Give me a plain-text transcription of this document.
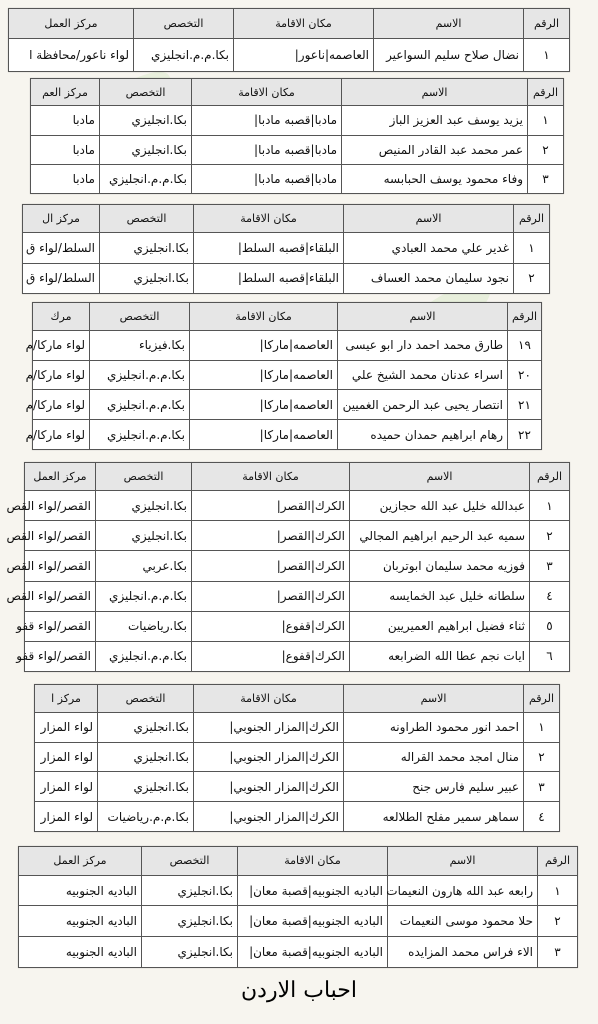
الرقم	الاسم	مكان الاقامة	التخصص	مركز العمل
١	نضال صلاح سليم السواعير	العاصمه|ناعور|	بكا.م.م.انجليزي	لواء ناعور/محافظة ا
الرقم	الاسم	مكان الاقامة	التخصص	مركز العم
١	يزيد يوسف عبد العزيز الباز	مادبا|قصبه مادبا|	بكا.انجليزي	مادبا
٢	عمر محمد عبد القادر المنيص	مادبا|قصبه مادبا|	بكا.انجليزي	مادبا
٣	وفاء محمود يوسف الحبابسه	مادبا|قصبه مادبا|	بكا.م.م.انجليزي	مادبا
الرقم	الاسم	مكان الاقامة	التخصص	مركز ال
١	غدير علي محمد العبادي	البلقاء|قصبه السلط|	بكا.انجليزي	السلط/لواء ق
٢	نجود سليمان محمد العساف	البلقاء|قصبه السلط|	بكا.انجليزي	السلط/لواء ق
الرقم	الاسم	مكان الاقامة	التخصص	مرك
١٩	طارق محمد احمد دار ابو عيسى	العاصمه|ماركا|	بكا.فيزياء	لواء ماركا/م
٢٠	اسراء عدنان محمد الشيخ علي	العاصمه|ماركا|	بكا.م.م.انجليزي	لواء ماركا/م
٢١	انتصار يحيى عبد الرحمن الغميين	العاصمه|ماركا|	بكا.م.م.انجليزي	لواء ماركا/م
٢٢	رهام ابراهيم حمدان حميده	العاصمه|ماركا|	بكا.م.م.انجليزي	لواء ماركا/م
الرقم	الاسم	مكان الاقامة	التخصص	مركز العمل
١	عبدالله خليل عبد الله حجازين	الكرك|القصر|	بكا.انجليزي	القصر/لواء القص
٢	سميه عبد الرحيم ابراهيم المجالي	الكرك|القصر|	بكا.انجليزي	القصر/لواء القص
٣	فوزيه محمد سليمان ابوتربان	الكرك|القصر|	بكا.عربي	القصر/لواء القص
٤	سلطانه خليل عبد الخمايسه	الكرك|القصر|	بكا.م.م.انجليزي	القصر/لواء القص
٥	ثناء فضيل ابراهيم العميريين	الكرك|قفوع|	بكا.رياضيات	القصر/لواء قفو
٦	ايات نجم عطا الله الضرابعه	الكرك|قفوع|	بكا.م.م.انجليزي	القصر/لواء قفو
الرقم	الاسم	مكان الاقامة	التخصص	مركز ا
١	احمد انور محمود الطراونه	الكرك|المزار الجنوبي|	بكا.انجليزي	لواء المزار
٢	منال امجد محمد القراله	الكرك|المزار الجنوبي|	بكا.انجليزي	لواء المزار
٣	عبير سليم فارس جنح	الكرك|المزار الجنوبي|	بكا.انجليزي	لواء المزار
٤	سماهر سمير مفلح الطلالعه	الكرك|المزار الجنوبي|	بكا.م.م.رياضيات	لواء المزار
الرقم	الاسم	مكان الاقامة	التخصص	مركز العمل
١	رابعه عبد الله هارون النعيمات	الباديه الجنوبيه|قصبة معان|	بكا.انجليزي	الباديه الجنوبيه
٢	حلا محمود موسى النعيمات	الباديه الجنوبيه|قصبة معان|	بكا.انجليزي	الباديه الجنوبيه
٣	الاء فراس محمد المزايده	الباديه الجنوبيه|قصبة معان|	بكا.انجليزي	الباديه الجنوبيه
احباب الاردن
